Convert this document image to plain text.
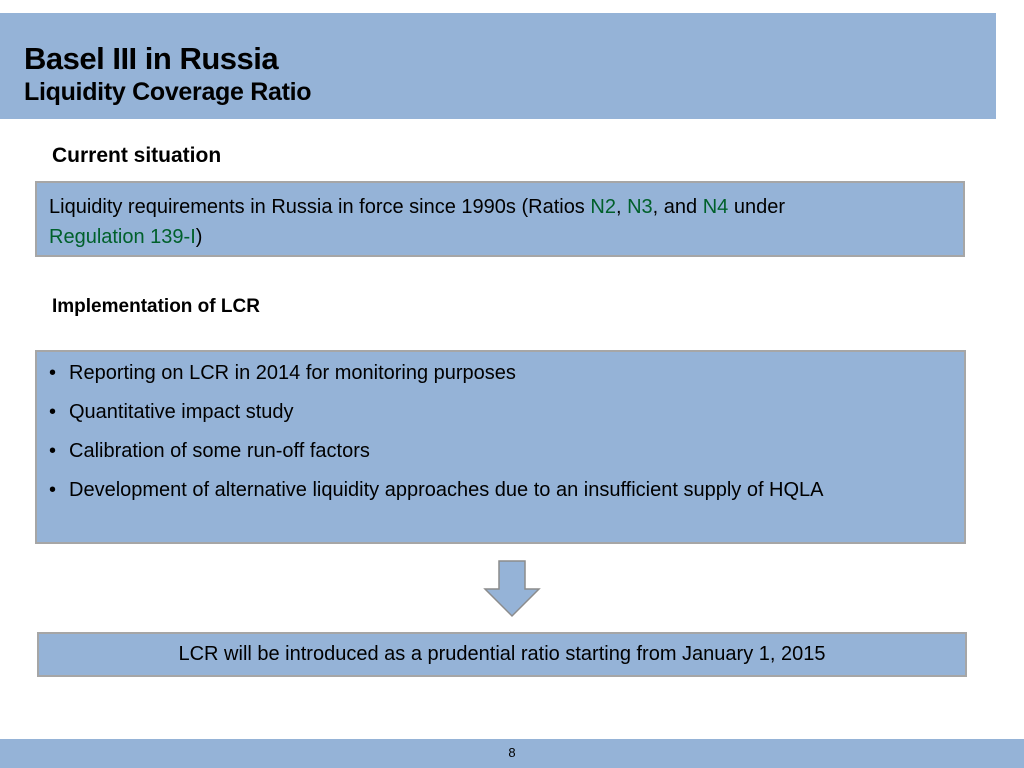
Basel III in Russia
Liquidity Coverage Ratio
Current situation
Liquidity requirements in Russia in force since 1990s (Ratios N2, N3, and N4 under
Regulation 139-I)
Implementation of LCR
• Reporting on LCR in 2014 for monitoring purposes
• Quantitative impact study
• Calibration of some run-off factors
• Development of alternative liquidity approaches due to an insufficient supply of HQLA
LCR will be introduced as a prudential ratio starting from January 1, 2015
8
